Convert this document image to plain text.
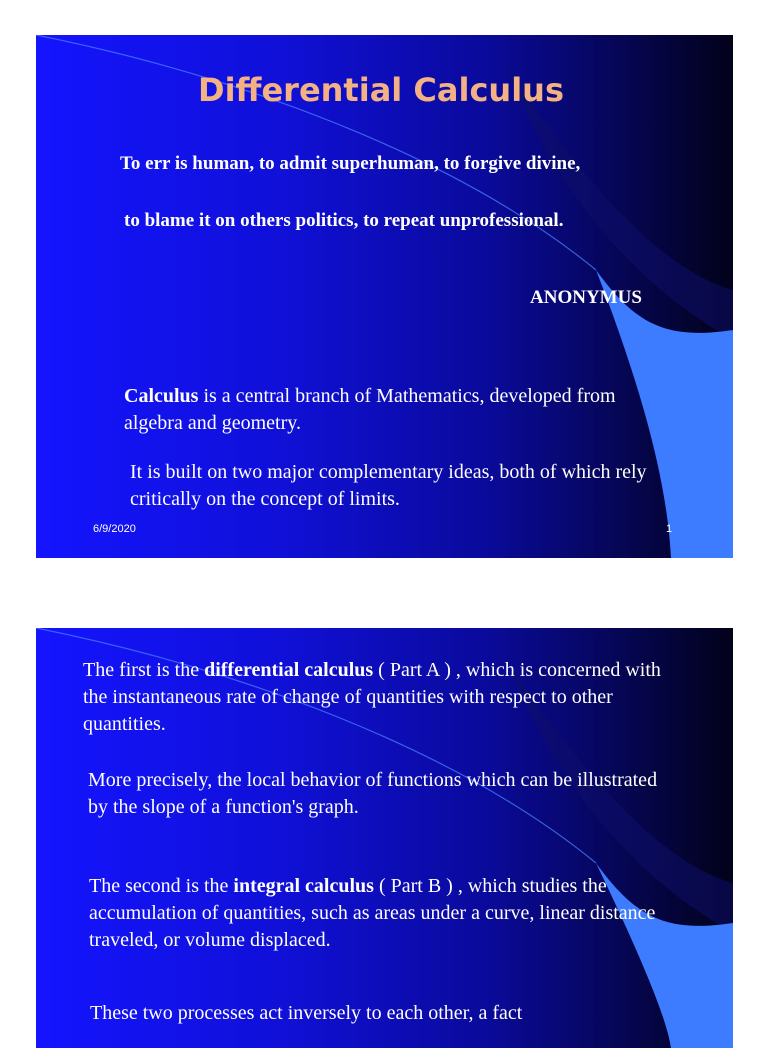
Differential Calculus

To err is human, to admit superhuman, to forgive divine,

to blame it on others politics, to repeat unprofessional.

ANONYMUS

Calculus is a central branch of Mathematics, developed from algebra and geometry.

It is built on two major complementary ideas, both of which rely critically on the concept of limits.

6/9/2020	1

The first is the differential calculus ( Part A ) , which is concerned with the instantaneous rate of change of quantities with respect to other quantities.

More precisely, the local behavior of functions which can be illustrated by the slope of a function's graph.

The second is the integral calculus ( Part B ) , which studies the accumulation of quantities, such as areas under a curve, linear distance traveled, or volume displaced.

These two processes act inversely to each other, a fact
